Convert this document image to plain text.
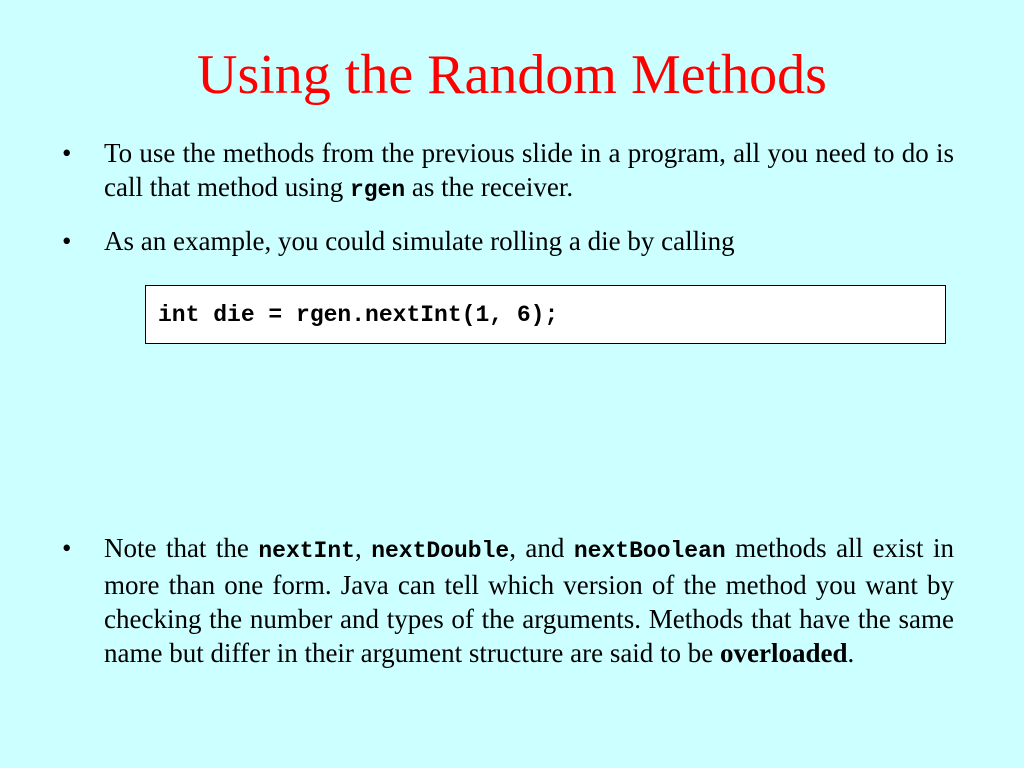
Using the Random Methods
•	To use the methods from the previous slide in a program, all you need to do is call that method using rgen as the receiver.
•	As an example, you could simulate rolling a die by calling
int die = rgen.nextInt(1, 6);
•	Note that the nextInt, nextDouble, and nextBoolean methods all exist in more than one form. Java can tell which version of the method you want by checking the number and types of the arguments. Methods that have the same name but differ in their argument structure are said to be overloaded.
